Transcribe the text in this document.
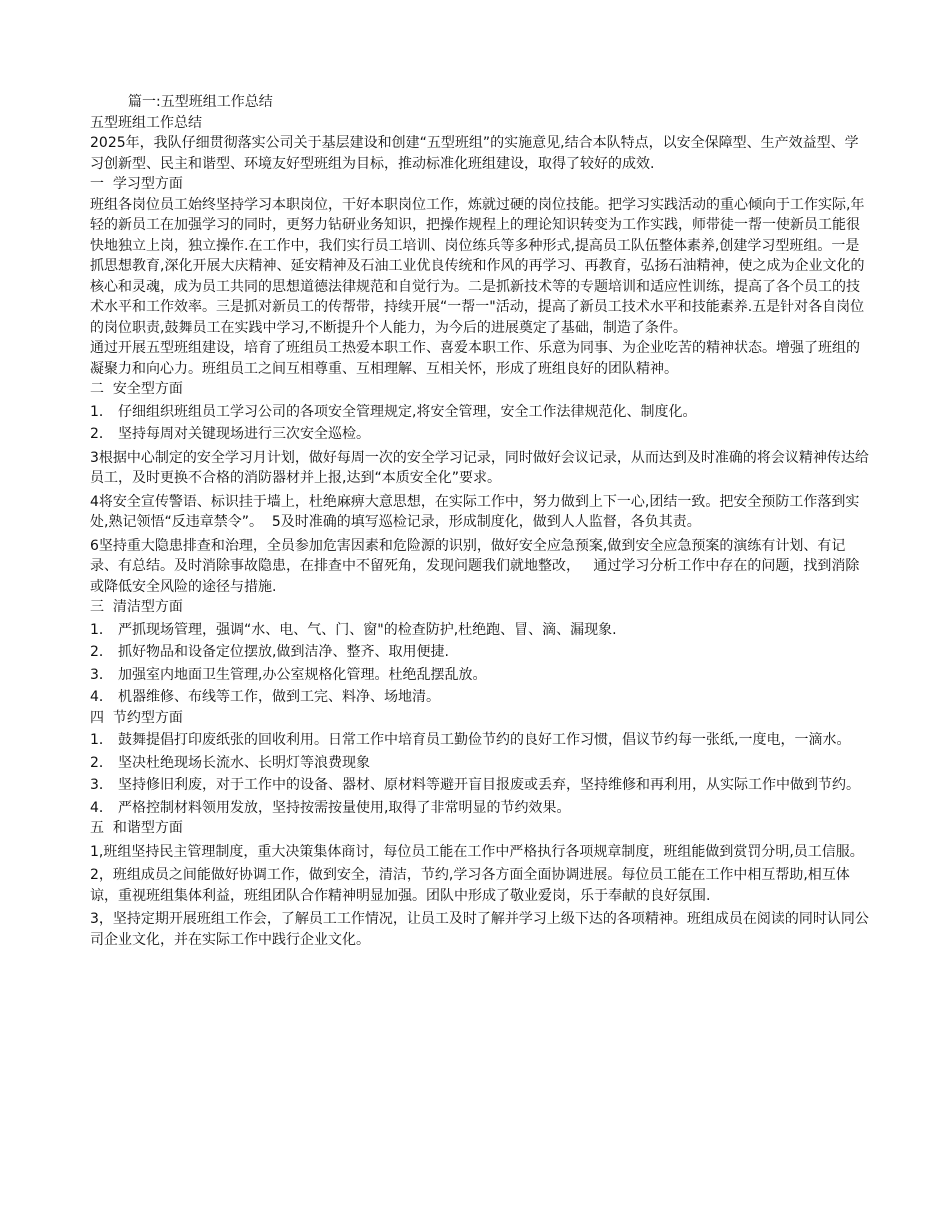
篇一:五型班组工作总结

五型班组工作总结

2025年，我队仔细贯彻落实公司关于基层建设和创建“五型班组”的实施意见,结合本队特点，以安全保障型、生产效益型、学习创新型、民主和谐型、环境友好型班组为目标，推动标准化班组建设，取得了较好的成效.

一  学习型方面

班组各岗位员工始终坚持学习本职岗位，干好本职岗位工作，炼就过硬的岗位技能。把学习实践活动的重心倾向于工作实际,年轻的新员工在加强学习的同时，更努力钻研业务知识，把操作规程上的理论知识转变为工作实践，师带徒一帮一使新员工能很快地独立上岗，独立操作.在工作中，我们实行员工培训、岗位练兵等多种形式,提高员工队伍整体素养,创建学习型班组。一是抓思想教育,深化开展大庆精神、延安精神及石油工业优良传统和作风的再学习、再教育，弘扬石油精神，使之成为企业文化的核心和灵魂，成为员工共同的思想道德法律规范和自觉行为。二是抓新技术等的专题培训和适应性训练，提高了各个员工的技术水平和工作效率。三是抓对新员工的传帮带，持续开展“一帮一"活动，提高了新员工技术水平和技能素养.五是针对各自岗位的岗位职责,鼓舞员工在实践中学习,不断提升个人能力，为今后的进展奠定了基础，制造了条件。

通过开展五型班组建设，培育了班组员工热爱本职工作、喜爱本职工作、乐意为同事、为企业吃苦的精神状态。增强了班组的凝聚力和向心力。班组员工之间互相尊重、互相理解、互相关怀，形成了班组良好的团队精神。

二  安全型方面

1． 仔细组织班组员工学习公司的各项安全管理规定,将安全管理，安全工作法律规范化、制度化。
2． 坚持每周对关键现场进行三次安全巡检。

3根据中心制定的安全学习月计划，做好每周一次的安全学习记录，同时做好会议记录，从而达到及时准确的将会议精神传达给员工，及时更换不合格的消防器材并上报,达到“本质安全化”要求。

4将安全宣传警语、标识挂于墙上，杜绝麻痹大意思想，在实际工作中，努力做到上下一心,团结一致。把安全预防工作落到实处,熟记领悟“反违章禁令”。  5及时准确的填写巡检记录，形成制度化，做到人人监督，各负其责。

6坚持重大隐患排查和治理，全员参加危害因素和危险源的识别，做好安全应急预案,做到安全应急预案的演练有计划、有记录、有总结。及时消除事故隐患，在排查中不留死角，发现问题我们就地整改，   通过学习分析工作中存在的问题，找到消除或降低安全风险的途径与措施.

三  清洁型方面

1． 严抓现场管理，强调“水、电、气、门、窗"的检查防护,杜绝跑、冒、滴、漏现象.
2． 抓好物品和设备定位摆放,做到洁净、整齐、取用便捷.
3． 加强室内地面卫生管理,办公室规格化管理。杜绝乱摆乱放。
4． 机器维修、布线等工作，做到工完、料净、场地清。

四  节约型方面

1． 鼓舞提倡打印废纸张的回收利用。日常工作中培育员工勤俭节约的良好工作习惯，倡议节约每一张纸,一度电，一滴水。
2． 坚决杜绝现场长流水、长明灯等浪费现象
3． 坚持修旧利废，对于工作中的设备、器材、原材料等避开盲目报废或丢弃，坚持维修和再利用，从实际工作中做到节约。
4． 严格控制材料领用发放，坚持按需按量使用,取得了非常明显的节约效果。

五  和谐型方面

1,班组坚持民主管理制度，重大决策集体商讨，每位员工能在工作中严格执行各项规章制度，班组能做到赏罚分明,员工信服。

2，班组成员之间能做好协调工作，做到安全，清洁，节约,学习各方面全面协调进展。每位员工能在工作中相互帮助,相互体谅，重视班组集体利益，班组团队合作精神明显加强。团队中形成了敬业爱岗，乐于奉献的良好氛围.

3，坚持定期开展班组工作会，了解员工工作情况，让员工及时了解并学习上级下达的各项精神。班组成员在阅读的同时认同公司企业文化，并在实际工作中践行企业文化。
